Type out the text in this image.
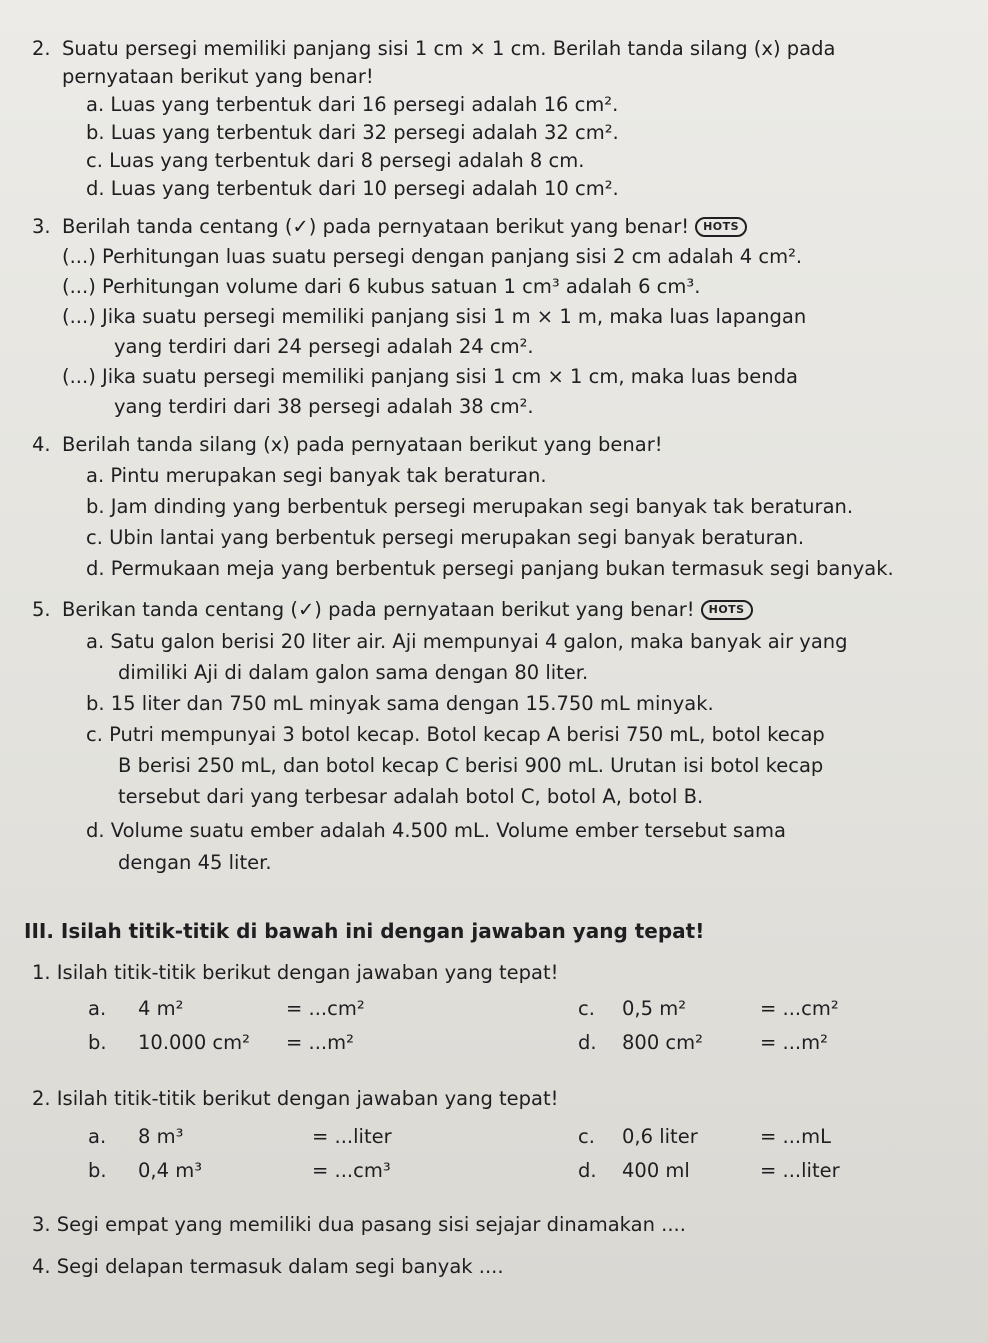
2. Suatu persegi memiliki panjang sisi 1 cm × 1 cm. Berilah tanda silang (x) pada
pernyataan berikut yang benar!
a. Luas yang terbentuk dari 16 persegi adalah 16 cm².
b. Luas yang terbentuk dari 32 persegi adalah 32 cm².
c. Luas yang terbentuk dari 8 persegi adalah 8 cm.
d. Luas yang terbentuk dari 10 persegi adalah 10 cm².
3. Berilah tanda centang (✓) pada pernyataan berikut yang benar! HOTS
(...) Perhitungan luas suatu persegi dengan panjang sisi 2 cm adalah 4 cm².
(...) Perhitungan volume dari 6 kubus satuan 1 cm³ adalah 6 cm³.
(...) Jika suatu persegi memiliki panjang sisi 1 m × 1 m, maka luas lapangan
yang terdiri dari 24 persegi adalah 24 cm².
(...) Jika suatu persegi memiliki panjang sisi 1 cm × 1 cm, maka luas benda
yang terdiri dari 38 persegi adalah 38 cm².
4. Berilah tanda silang (x) pada pernyataan berikut yang benar!
a. Pintu merupakan segi banyak tak beraturan.
b. Jam dinding yang berbentuk persegi merupakan segi banyak tak beraturan.
c. Ubin lantai yang berbentuk persegi merupakan segi banyak beraturan.
d. Permukaan meja yang berbentuk persegi panjang bukan termasuk segi banyak.
5. Berikan tanda centang (✓) pada pernyataan berikut yang benar! HOTS
a. Satu galon berisi 20 liter air. Aji mempunyai 4 galon, maka banyak air yang
dimiliki Aji di dalam galon sama dengan 80 liter.
b. 15 liter dan 750 mL minyak sama dengan 15.750 mL minyak.
c. Putri mempunyai 3 botol kecap. Botol kecap A berisi 750 mL, botol kecap
B berisi 250 mL, dan botol kecap C berisi 900 mL. Urutan isi botol kecap
tersebut dari yang terbesar adalah botol C, botol A, botol B.
d. Volume suatu ember adalah 4.500 mL. Volume ember tersebut sama
dengan 45 liter.
III. Isilah titik-titik di bawah ini dengan jawaban yang tepat!
1. Isilah titik-titik berikut dengan jawaban yang tepat!
a. 4 m²	= ...cm²	c. 0,5 m²	= ...cm²
b. 10.000 cm² = ...m²	d. 800 cm²	= ...m²
2. Isilah titik-titik berikut dengan jawaban yang tepat!
a. 8 m³	= ...liter	c. 0,6 liter	= ...mL
b. 0,4 m³	= ...cm³	d. 400 ml	= ...liter
3. Segi empat yang memiliki dua pasang sisi sejajar dinamakan ....
4. Segi delapan termasuk dalam segi banyak ....
